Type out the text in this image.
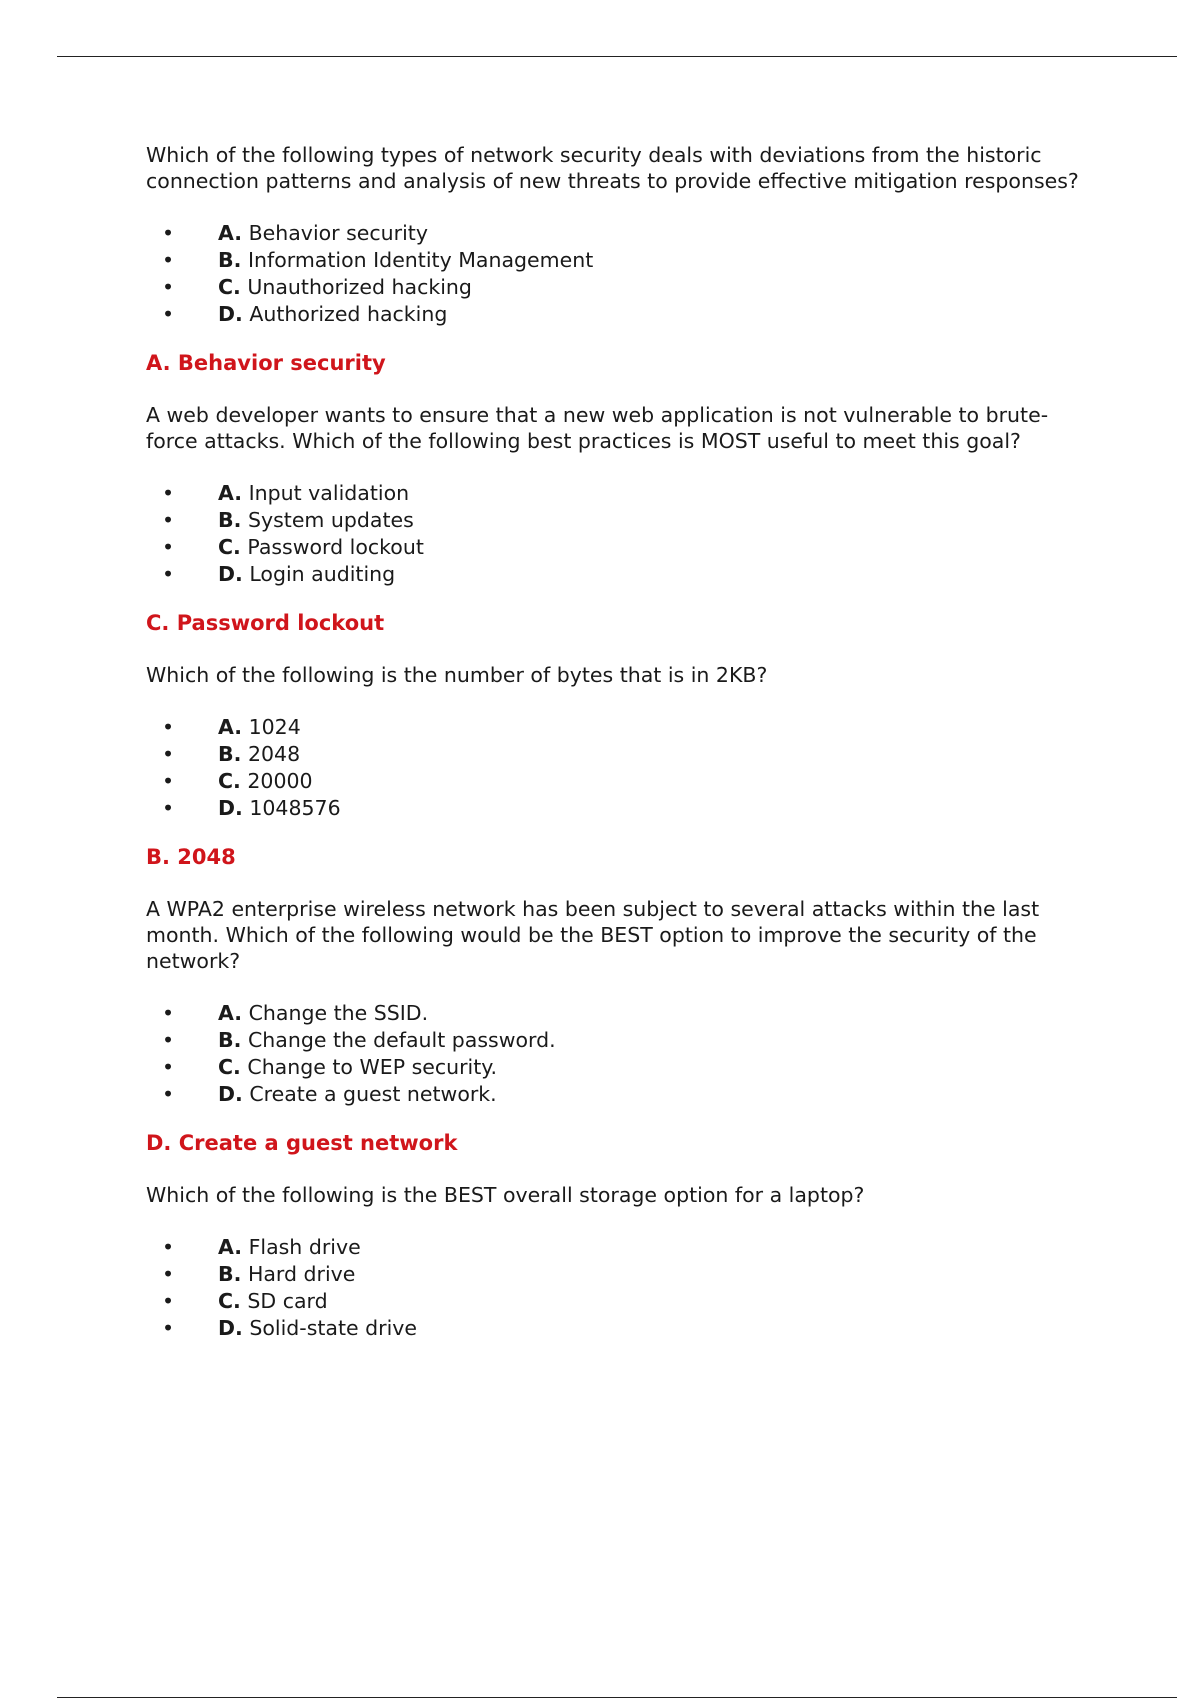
Which of the following types of network security deals with deviations from the historic connection patterns and analysis of new threats to provide effective mitigation responses?

• A. Behavior security
• B. Information Identity Management
• C. Unauthorized hacking
• D. Authorized hacking

A. Behavior security

A web developer wants to ensure that a new web application is not vulnerable to brute-force attacks. Which of the following best practices is MOST useful to meet this goal?

• A. Input validation
• B. System updates
• C. Password lockout
• D. Login auditing

C. Password lockout

Which of the following is the number of bytes that is in 2KB?

• A. 1024
• B. 2048
• C. 20000
• D. 1048576

B. 2048

A WPA2 enterprise wireless network has been subject to several attacks within the last month. Which of the following would be the BEST option to improve the security of the network?

• A. Change the SSID.
• B. Change the default password.
• C. Change to WEP security.
• D. Create a guest network.

D. Create a guest network

Which of the following is the BEST overall storage option for a laptop?

• A. Flash drive
• B. Hard drive
• C. SD card
• D. Solid-state drive
